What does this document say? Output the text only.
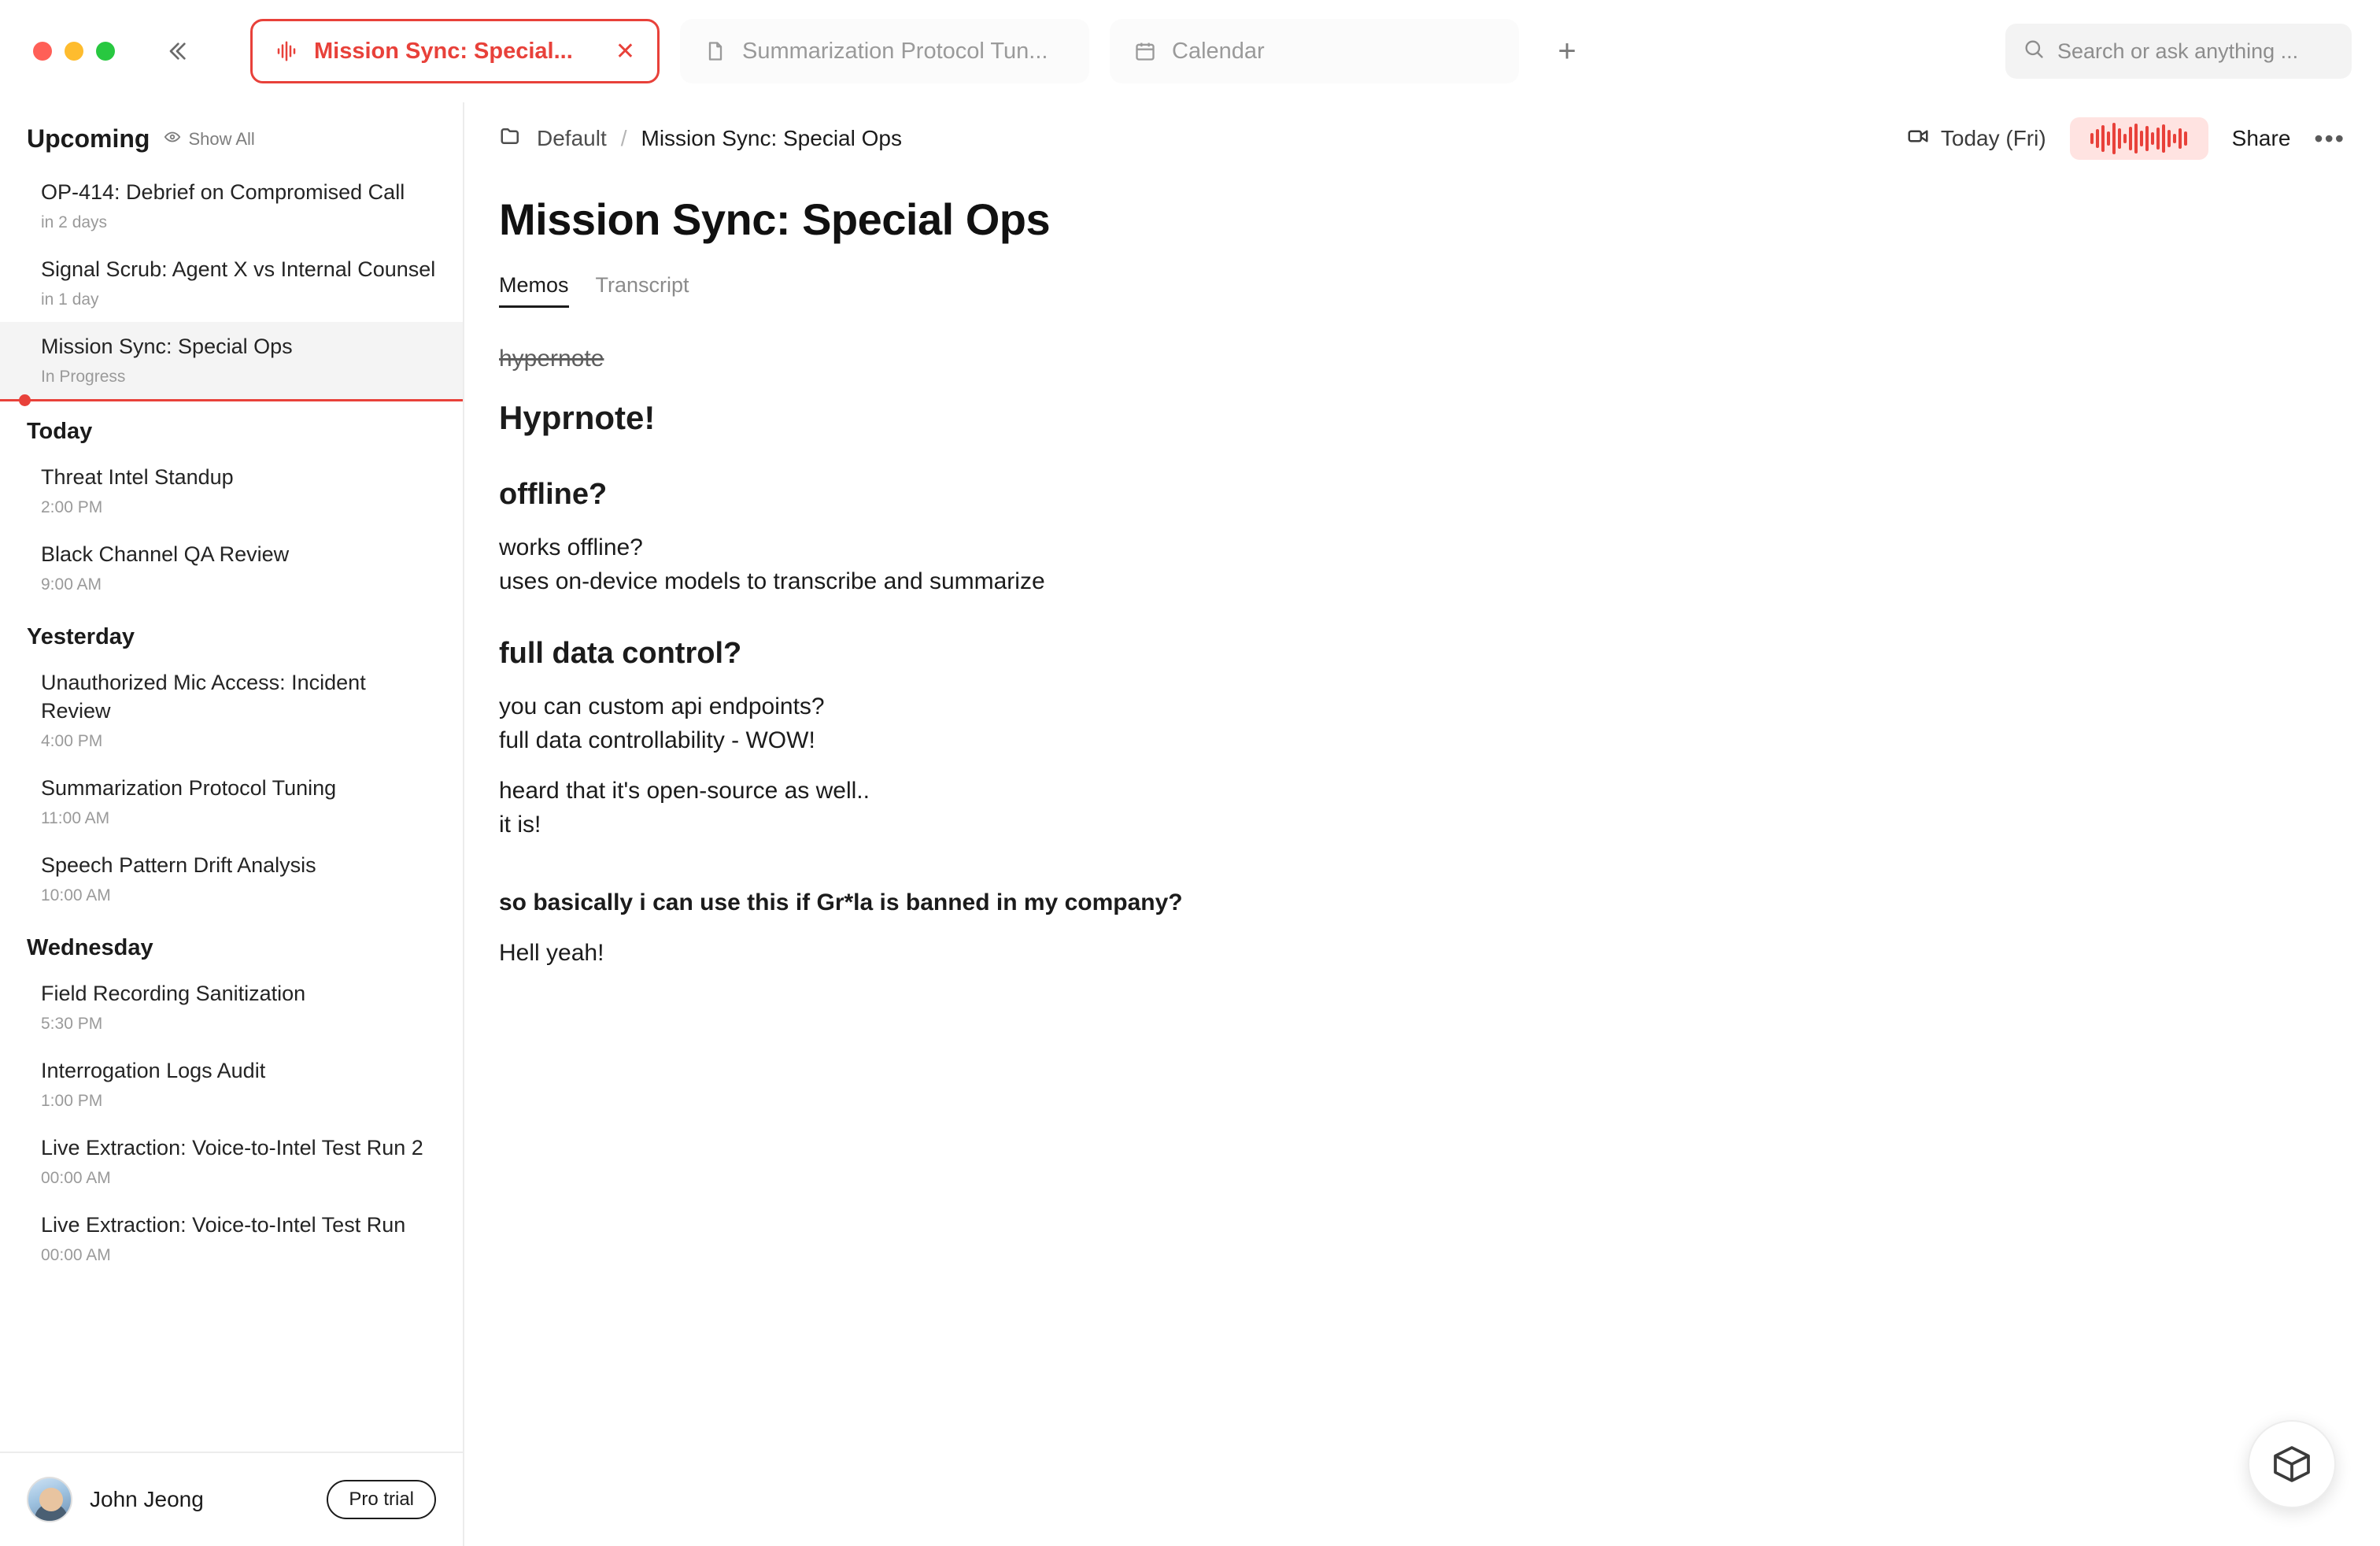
Mission Sync: Special...	✕	Summarization Protocol Tun...	Calendar	+	Search or ask anything ...
Upcoming Show All
OP-414: Debrief on Compromised Call
in 2 days
Signal Scrub: Agent X vs Internal Counsel
in 1 day
Mission Sync: Special Ops
In Progress
Today
Threat Intel Standup
2:00 PM
Black Channel QA Review
9:00 AM
Yesterday
Unauthorized Mic Access: Incident Review
4:00 PM
Summarization Protocol Tuning
11:00 AM
Speech Pattern Drift Analysis
10:00 AM
Wednesday
Field Recording Sanitization
5:30 PM
Interrogation Logs Audit
1:00 PM
Live Extraction: Voice-to-Intel Test Run 2
00:00 AM
Live Extraction: Voice-to-Intel Test Run
00:00 AM
John Jeong	Pro trial
Default / Mission Sync: Special Ops	Today (Fri)	Share •••
Mission Sync: Special Ops
Memos Transcript
hypernote
Hyprnote!
offline?

works offline?

uses on-device models to transcribe and summarize

full data control?

you can custom api endpoints?

full data controllability - WOW!

heard that it's open-source as well..

it is!

so basically i can use this if Gr*la is banned in my company?

Hell yeah!
